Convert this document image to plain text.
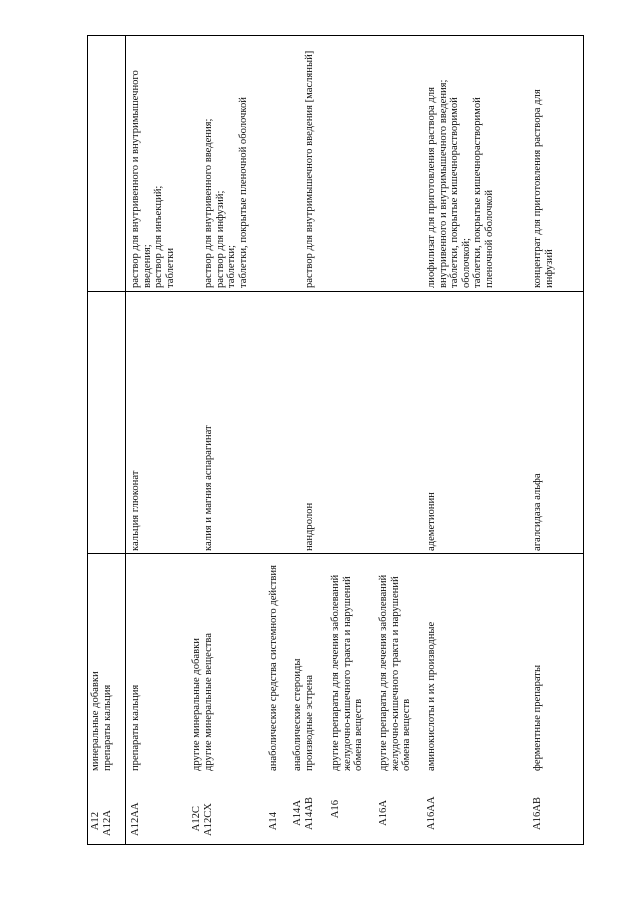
A12 A12A
минеральные добавки
препараты кальция
A12AA
препараты кальция
кальция глюконат
раствор для внутривенного и внутримышечного введения;
раствор для инъекций;
таблетки
A12C A12CX
другие минеральные добавки
другие минеральные вещества
калия и магния аспарагинат
раствор для внутривенного введения;
раствор для инфузий;
таблетки;
таблетки, покрытые пленочной оболочкой
A14
анаболические средства системного действия
A14A A14AB
анаболические стероиды
производные эстрена
нандролон
раствор для внутримышечного введения [масляный]
A16
другие препараты для лечения заболеваний желудочно-кишечного тракта и нарушений обмена веществ
A16A
другие препараты для лечения заболеваний желудочно-кишечного тракта и нарушений обмена веществ
A16AA
аминокислоты и их производные
адеметионин
лиофилизат для приготовления раствора для внутривенного и внутримышечного введения;
таблетки, покрытые кишечнорастворимой оболочкой;
таблетки, покрытые кишечнорастворимой пленочной оболочкой
A16AB
ферментные препараты
агалсидаза альфа
концентрат для приготовления раствора для инфузий
